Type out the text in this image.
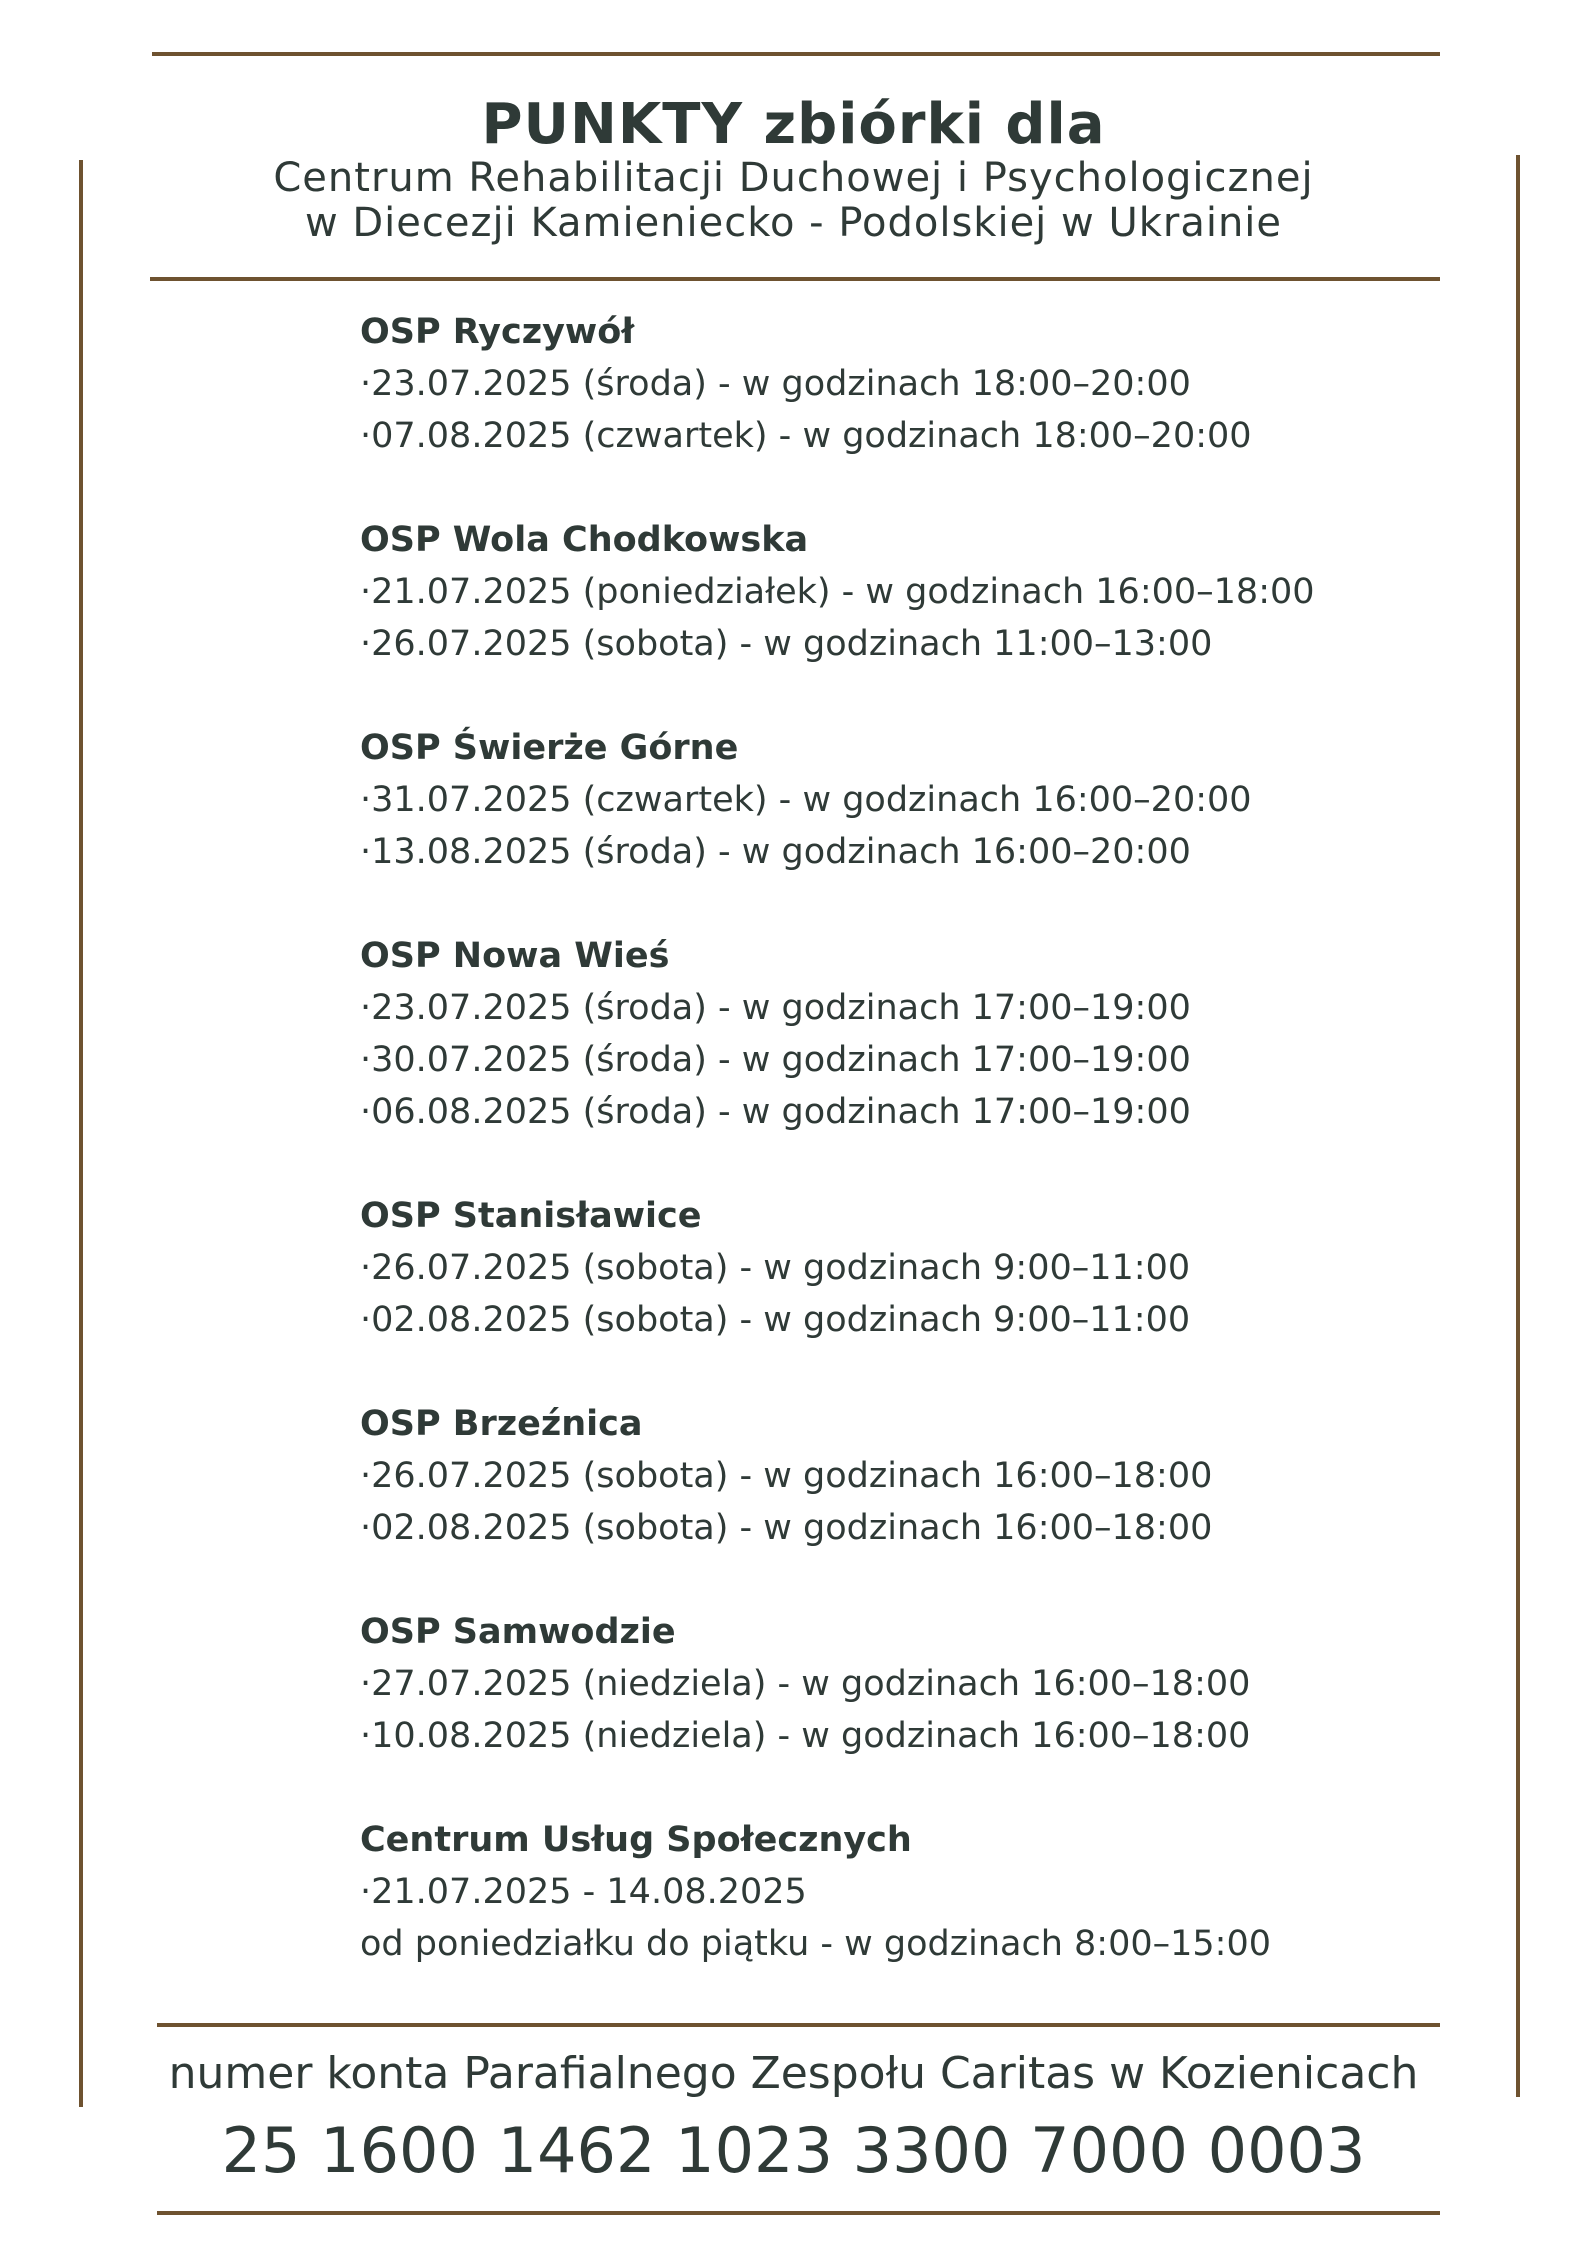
PUNKTY zbiórki dla
Centrum Rehabilitacji Duchowej i Psychologicznej
w Diecezji Kamieniecko - Podolskiej w Ukrainie
OSP Ryczywół
·23.07.2025 (środa) - w godzinach 18:00–20:00
·07.08.2025 (czwartek) - w godzinach 18:00–20:00
OSP Wola Chodkowska
·21.07.2025 (poniedziałek) - w godzinach 16:00–18:00
·26.07.2025 (sobota) - w godzinach 11:00–13:00
OSP Świerże Górne
·31.07.2025 (czwartek) - w godzinach 16:00–20:00
·13.08.2025 (środa) - w godzinach 16:00–20:00
OSP Nowa Wieś
·23.07.2025 (środa) - w godzinach 17:00–19:00
·30.07.2025 (środa) - w godzinach 17:00–19:00
·06.08.2025 (środa) - w godzinach 17:00–19:00
OSP Stanisławice
·26.07.2025 (sobota) - w godzinach 9:00–11:00
·02.08.2025 (sobota) - w godzinach 9:00–11:00
OSP Brzeźnica
·26.07.2025 (sobota) - w godzinach 16:00–18:00
·02.08.2025 (sobota) - w godzinach 16:00–18:00
OSP Samwodzie
·27.07.2025 (niedziela) - w godzinach 16:00–18:00
·10.08.2025 (niedziela) - w godzinach 16:00–18:00
Centrum Usług Społecznych
·21.07.2025 - 14.08.2025
od poniedziałku do piątku - w godzinach 8:00–15:00
numer konta Parafialnego Zespołu Caritas w Kozienicach
25 1600 1462 1023 3300 7000 0003
